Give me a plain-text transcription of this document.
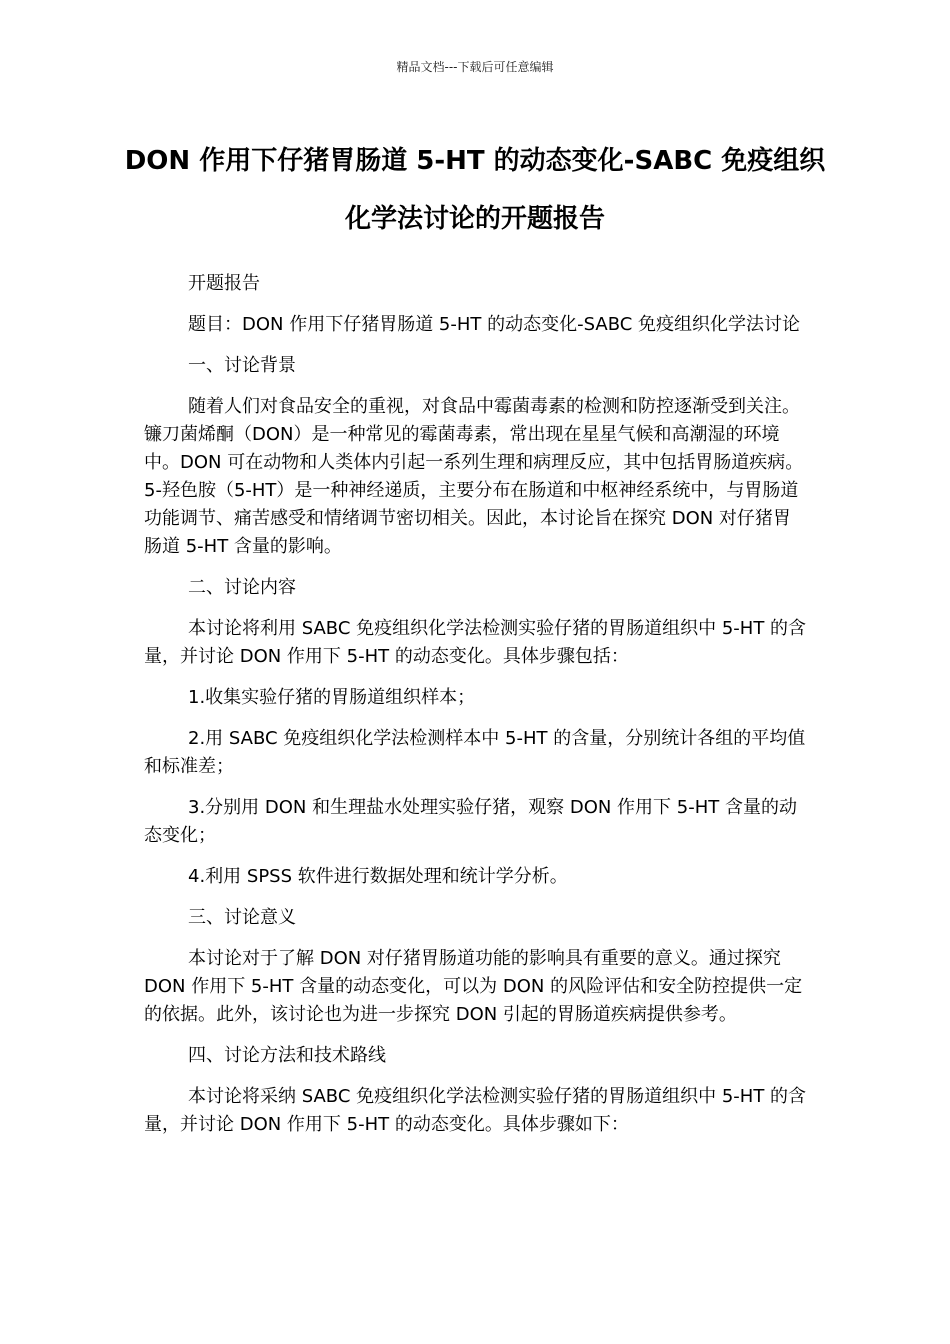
精品文档---下载后可任意编辑
DON 作用下仔猪胃肠道 5-HT 的动态变化-SABC 免疫组织化学法讨论的开题报告

开题报告

题目：DON 作用下仔猪胃肠道 5-HT 的动态变化-SABC 免疫组织化学法讨论

一、讨论背景

随着人们对食品安全的重视，对食品中霉菌毒素的检测和防控逐渐受到关注。镰刀菌烯酮（DON）是一种常见的霉菌毒素，常出现在星星气候和高潮湿的环境中。DON 可在动物和人类体内引起一系列生理和病理反应，其中包括胃肠道疾病。5-羟色胺（5-HT）是一种神经递质，主要分布在肠道和中枢神经系统中，与胃肠道功能调节、痛苦感受和情绪调节密切相关。因此，本讨论旨在探究 DON 对仔猪胃肠道 5-HT 含量的影响。

二、讨论内容

本讨论将利用 SABC 免疫组织化学法检测实验仔猪的胃肠道组织中 5-HT 的含量，并讨论 DON 作用下 5-HT 的动态变化。具体步骤包括：

1.收集实验仔猪的胃肠道组织样本；

2.用 SABC 免疫组织化学法检测样本中 5-HT 的含量，分别统计各组的平均值和标准差；

3.分别用 DON 和生理盐水处理实验仔猪，观察 DON 作用下 5-HT 含量的动态变化；

4.利用 SPSS 软件进行数据处理和统计学分析。

三、讨论意义

本讨论对于了解 DON 对仔猪胃肠道功能的影响具有重要的意义。通过探究 DON 作用下 5-HT 含量的动态变化，可以为 DON 的风险评估和安全防控提供一定的依据。此外，该讨论也为进一步探究 DON 引起的胃肠道疾病提供参考。

四、讨论方法和技术路线

本讨论将采纳 SABC 免疫组织化学法检测实验仔猪的胃肠道组织中 5-HT 的含量，并讨论 DON 作用下 5-HT 的动态变化。具体步骤如下：
